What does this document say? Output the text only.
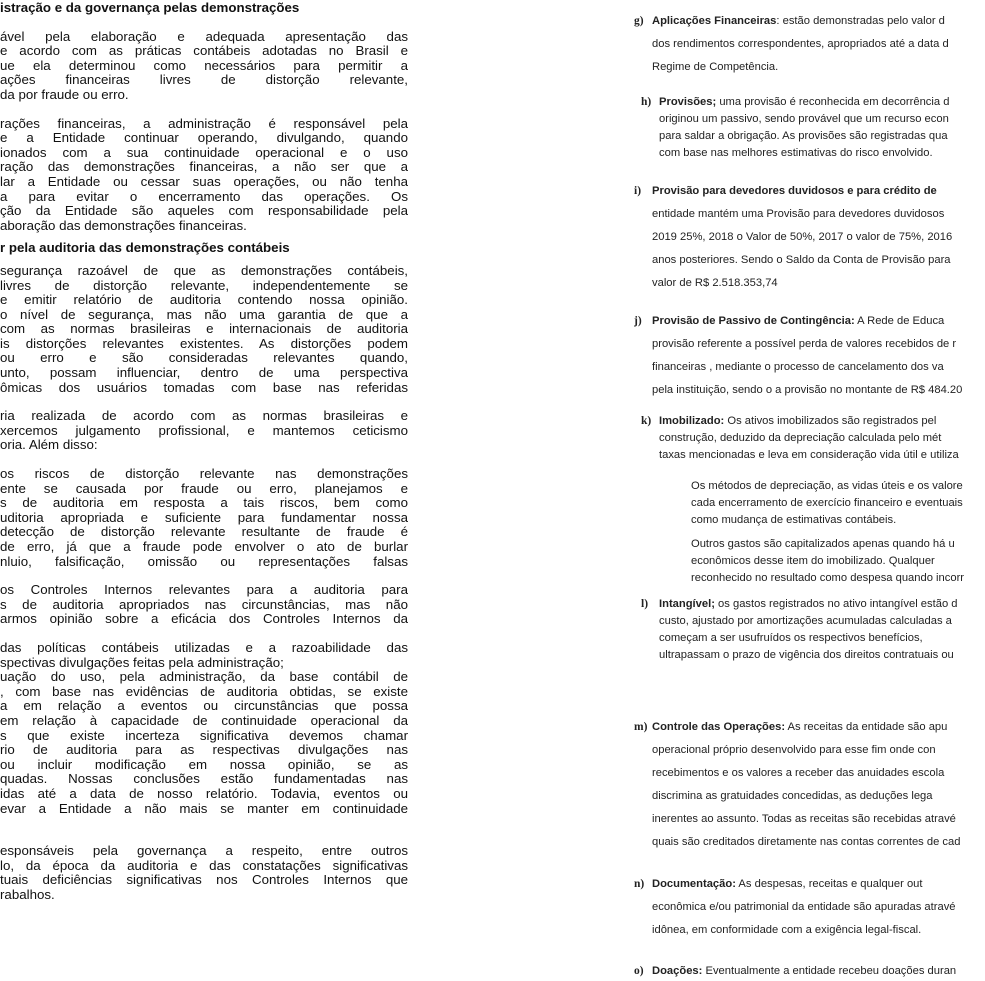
istração e da governança pelas demonstrações
ável pela elaboração e adequada apresentação das
e acordo com as práticas contábeis adotadas no Brasil e
ue ela determinou como necessários para permitir a
ações financeiras livres de distorção relevante,
da por fraude ou erro.
rações financeiras, a administração é responsável pela
e a Entidade continuar operando, divulgando, quando
ionados com a sua continuidade operacional e o uso
ração das demonstrações financeiras, a não ser que a
lar a Entidade ou cessar suas operações, ou não tenha
a para evitar o encerramento das operações. Os
ção da Entidade são aqueles com responsabilidade pela
aboração das demonstrações financeiras.
r pela auditoria das demonstrações contábeis
segurança razoável de que as demonstrações contábeis,
livres de distorção relevante, independentemente se
e emitir relatório de auditoria contendo nossa opinião.
o nível de segurança, mas não uma garantia de que a
com as normas brasileiras e internacionais de auditoria
is distorções relevantes existentes. As distorções podem
ou erro e são consideradas relevantes quando,
unto, possam influenciar, dentro de uma perspectiva
ômicas dos usuários tomadas com base nas referidas
ria realizada de acordo com as normas brasileiras e
xercemos julgamento profissional, e mantemos ceticismo
oria. Além disso:
os riscos de distorção relevante nas demonstrações
ente se causada por fraude ou erro, planejamos e
s de auditoria em resposta a tais riscos, bem como
uditoria apropriada e suficiente para fundamentar nossa
detecção de distorção relevante resultante de fraude é
de erro, já que a fraude pode envolver o ato de burlar
nluio, falsificação, omissão ou representações falsas
os Controles Internos relevantes para a auditoria para
s de auditoria apropriados nas circunstâncias, mas não
armos opinião sobre a eficácia dos Controles Internos da
das políticas contábeis utilizadas e a razoabilidade das
spectivas divulgações feitas pela administração;
uação do uso, pela administração, da base contábil de
, com base nas evidências de auditoria obtidas, se existe
a em relação a eventos ou circunstâncias que possa
em relação à capacidade de continuidade operacional da
s que existe incerteza significativa devemos chamar
rio de auditoria para as respectivas divulgações nas
ou incluir modificação em nossa opinião, se as
quadas. Nossas conclusões estão fundamentadas nas
idas até a data de nosso relatório. Todavia, eventos ou
evar a Entidade a não mais se manter em continuidade
esponsáveis pela governança a respeito, entre outros
lo, da época da auditoria e das constatações significativas
tuais deficiências significativas nos Controles Internos que
rabalhos.
g) Aplicações Financeiras: estão demonstradas pelo valor d
dos rendimentos correspondentes, apropriados até a data d
Regime de Competência.
h) Provisões; uma provisão é reconhecida em decorrência d
originou um passivo, sendo provável que um recurso econ
para saldar a obrigação. As provisões são registradas qua
com base nas melhores estimativas do risco envolvido.
i) Provisão para devedores duvidosos e para crédito de
entidade mantém uma Provisão para devedores duvidosos
2019 25%, 2018 o Valor de 50%, 2017 o valor de 75%, 2016
anos posteriores. Sendo o Saldo da Conta de Provisão para
valor de R$ 2.518.353,74
j) Provisão de Passivo de Contingência: A Rede de Educa
provisão referente a possível perda de valores recebidos de r
financeiras , mediante o processo de cancelamento dos va
pela instituição, sendo o a provisão no montante de R$ 484.20
k) Imobilizado: Os ativos imobilizados são registrados pel
construção, deduzido da depreciação calculada pelo mét
taxas mencionadas e leva em consideração vida útil e utiliza
Os métodos de depreciação, as vidas úteis e os valore
cada encerramento de exercício financeiro e eventuais
como mudança de estimativas contábeis.
Outros gastos são capitalizados apenas quando há u
econômicos desse item do imobilizado. Qualquer
reconhecido no resultado como despesa quando incorr
l) Intangível; os gastos registrados no ativo intangível estão d
custo, ajustado por amortizações acumuladas calculadas a
começam a ser usufruídos os respectivos benefícios,
ultrapassam o prazo de vigência dos direitos contratuais ou
m) Controle das Operações: As receitas da entidade são apu
operacional próprio desenvolvido para esse fim onde con
recebimentos e os valores a receber das anuidades escola
discrimina as gratuidades concedidas, as deduções lega
inerentes ao assunto. Todas as receitas são recebidas atravé
quais são creditados diretamente nas contas correntes de cad
n) Documentação: As despesas, receitas e qualquer out
econômica e/ou patrimonial da entidade são apuradas atravé
idônea, em conformidade com a exigência legal-fiscal.
o) Doações: Eventualmente a entidade recebeu doações duran
